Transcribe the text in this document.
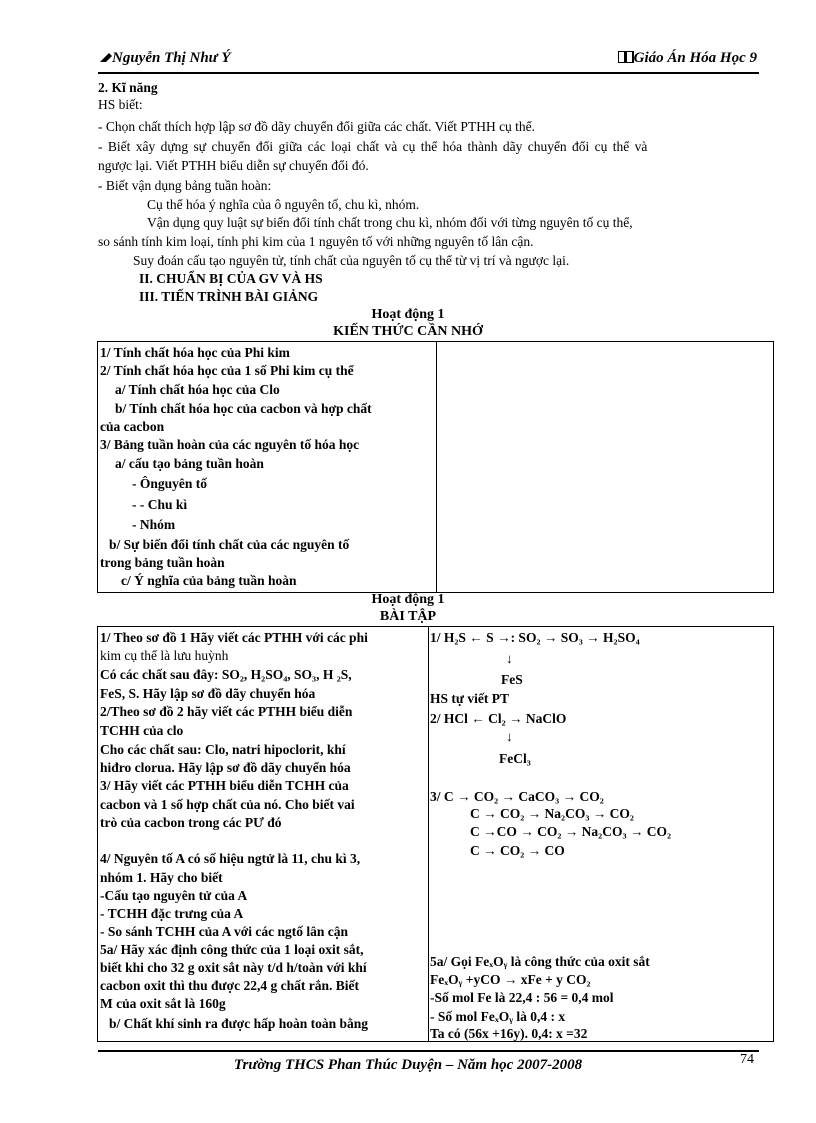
Nguyễn Thị Như Ý	Giáo Án Hóa Học 9
2. Kĩ năng
HS biết:
- Chọn chất thích hợp lập sơ đồ dãy chuyển đổi giữa các chất. Viết PTHH cụ thể.
- Biết xây dựng sự chuyển đổi giữa các loại chất và cụ thể hóa thành dãy chuyển đổi cụ thể và
ngược lại. Viết PTHH biểu diễn sự chuyển đổi đó.
- Biết vận dụng bảng tuần hoàn:
Cụ thể hóa ý nghĩa của ô nguyên tố, chu kì, nhóm.
Vận dụng quy luật sự biến đổi tính chất trong chu kì, nhóm đối với từng nguyên tố cụ thể,
so sánh tính kim loại, tính phi kim của 1 nguyên tố với những nguyên tố lân cận.
Suy đoán cấu tạo nguyên tử, tính chất của nguyên tố cụ thể từ vị trí và ngược lại.
II. CHUẨN BỊ CỦA GV VÀ HS
III. TIẾN TRÌNH BÀI GIẢNG
Hoạt động 1
KIẾN THỨC CẦN NHỚ
1/ Tính chất hóa học của Phi kim
2/ Tính chất hóa học của 1 số Phi kim cụ thể
a/ Tính chất hóa học của Clo
b/ Tính chất hóa học của cacbon và hợp chất
của cacbon
3/ Bảng tuần hoàn của các nguyên tố hóa học
a/ cấu tạo bảng tuần hoàn
- Ônguyên tố
- - Chu kì
- Nhóm
b/ Sự biến đổi tính chất của các nguyên tố
trong bảng tuần hoàn
c/ Ý nghĩa của bảng tuần hoàn
Hoạt động 1
BÀI TẬP
1/ Theo sơ đồ 1 Hãy viết các PTHH với các phi
kim cụ thể là lưu huỳnh
Có các chất sau đây: SO₂, H₂SO₄, SO₃, H ₂S,
FeS, S. Hãy lập sơ đồ dãy chuyển hóa
2/Theo sơ đồ 2 hãy viết các PTHH biểu diễn
TCHH của clo
Cho các chất sau: Clo, natri hipoclorit, khí
hiđro clorua. Hãy lập sơ đồ dãy chuyển hóa
3/ Hãy viết các PTHH biểu diễn TCHH của
cacbon và 1 số hợp chất của nó. Cho biết vai
trò của cacbon trong các PƯ đó
4/ Nguyên tố A có số hiệu ngtử là 11, chu kì 3,
nhóm 1. Hãy cho biết
-Cấu tạo nguyên tử của A
- TCHH đặc trưng của A
- So sánh TCHH của A với các ngtố lân cận
5a/ Hãy xác định công thức của 1 loại oxit sắt,
biết khi cho 32 g oxit sắt này t/d h/toàn với khí
cacbon oxit thì thu được 22,4 g chất rắn. Biết
M của oxit sắt là 160g
b/ Chất khí sinh ra được hấp hoàn toàn bằng
1/ H₂S ← S →: SO₂ → SO₃ → H₂SO₄
↓
FeS
HS tự viết PT
2/ HCl ← Cl₂ → NaClO
↓
FeCl₃
3/ C → CO₂ → CaCO₃ → CO₂
C → CO₂ → Na₂CO₃ → CO₂
C →CO → CO₂ → Na₂CO₃ → CO₂
C → CO₂ → CO
5a/ Gọi FeₓOᵧ là công thức của oxit sắt
FeₓOᵧ +yCO → xFe + y CO₂
-Số mol Fe là 22,4 : 56 = 0,4 mol
- Số mol FeₓOᵧ là 0,4 : x
Ta có (56x +16y). 0,4: x =32
Trường THCS Phan Thúc Duyện – Năm học 2007-2008	74
